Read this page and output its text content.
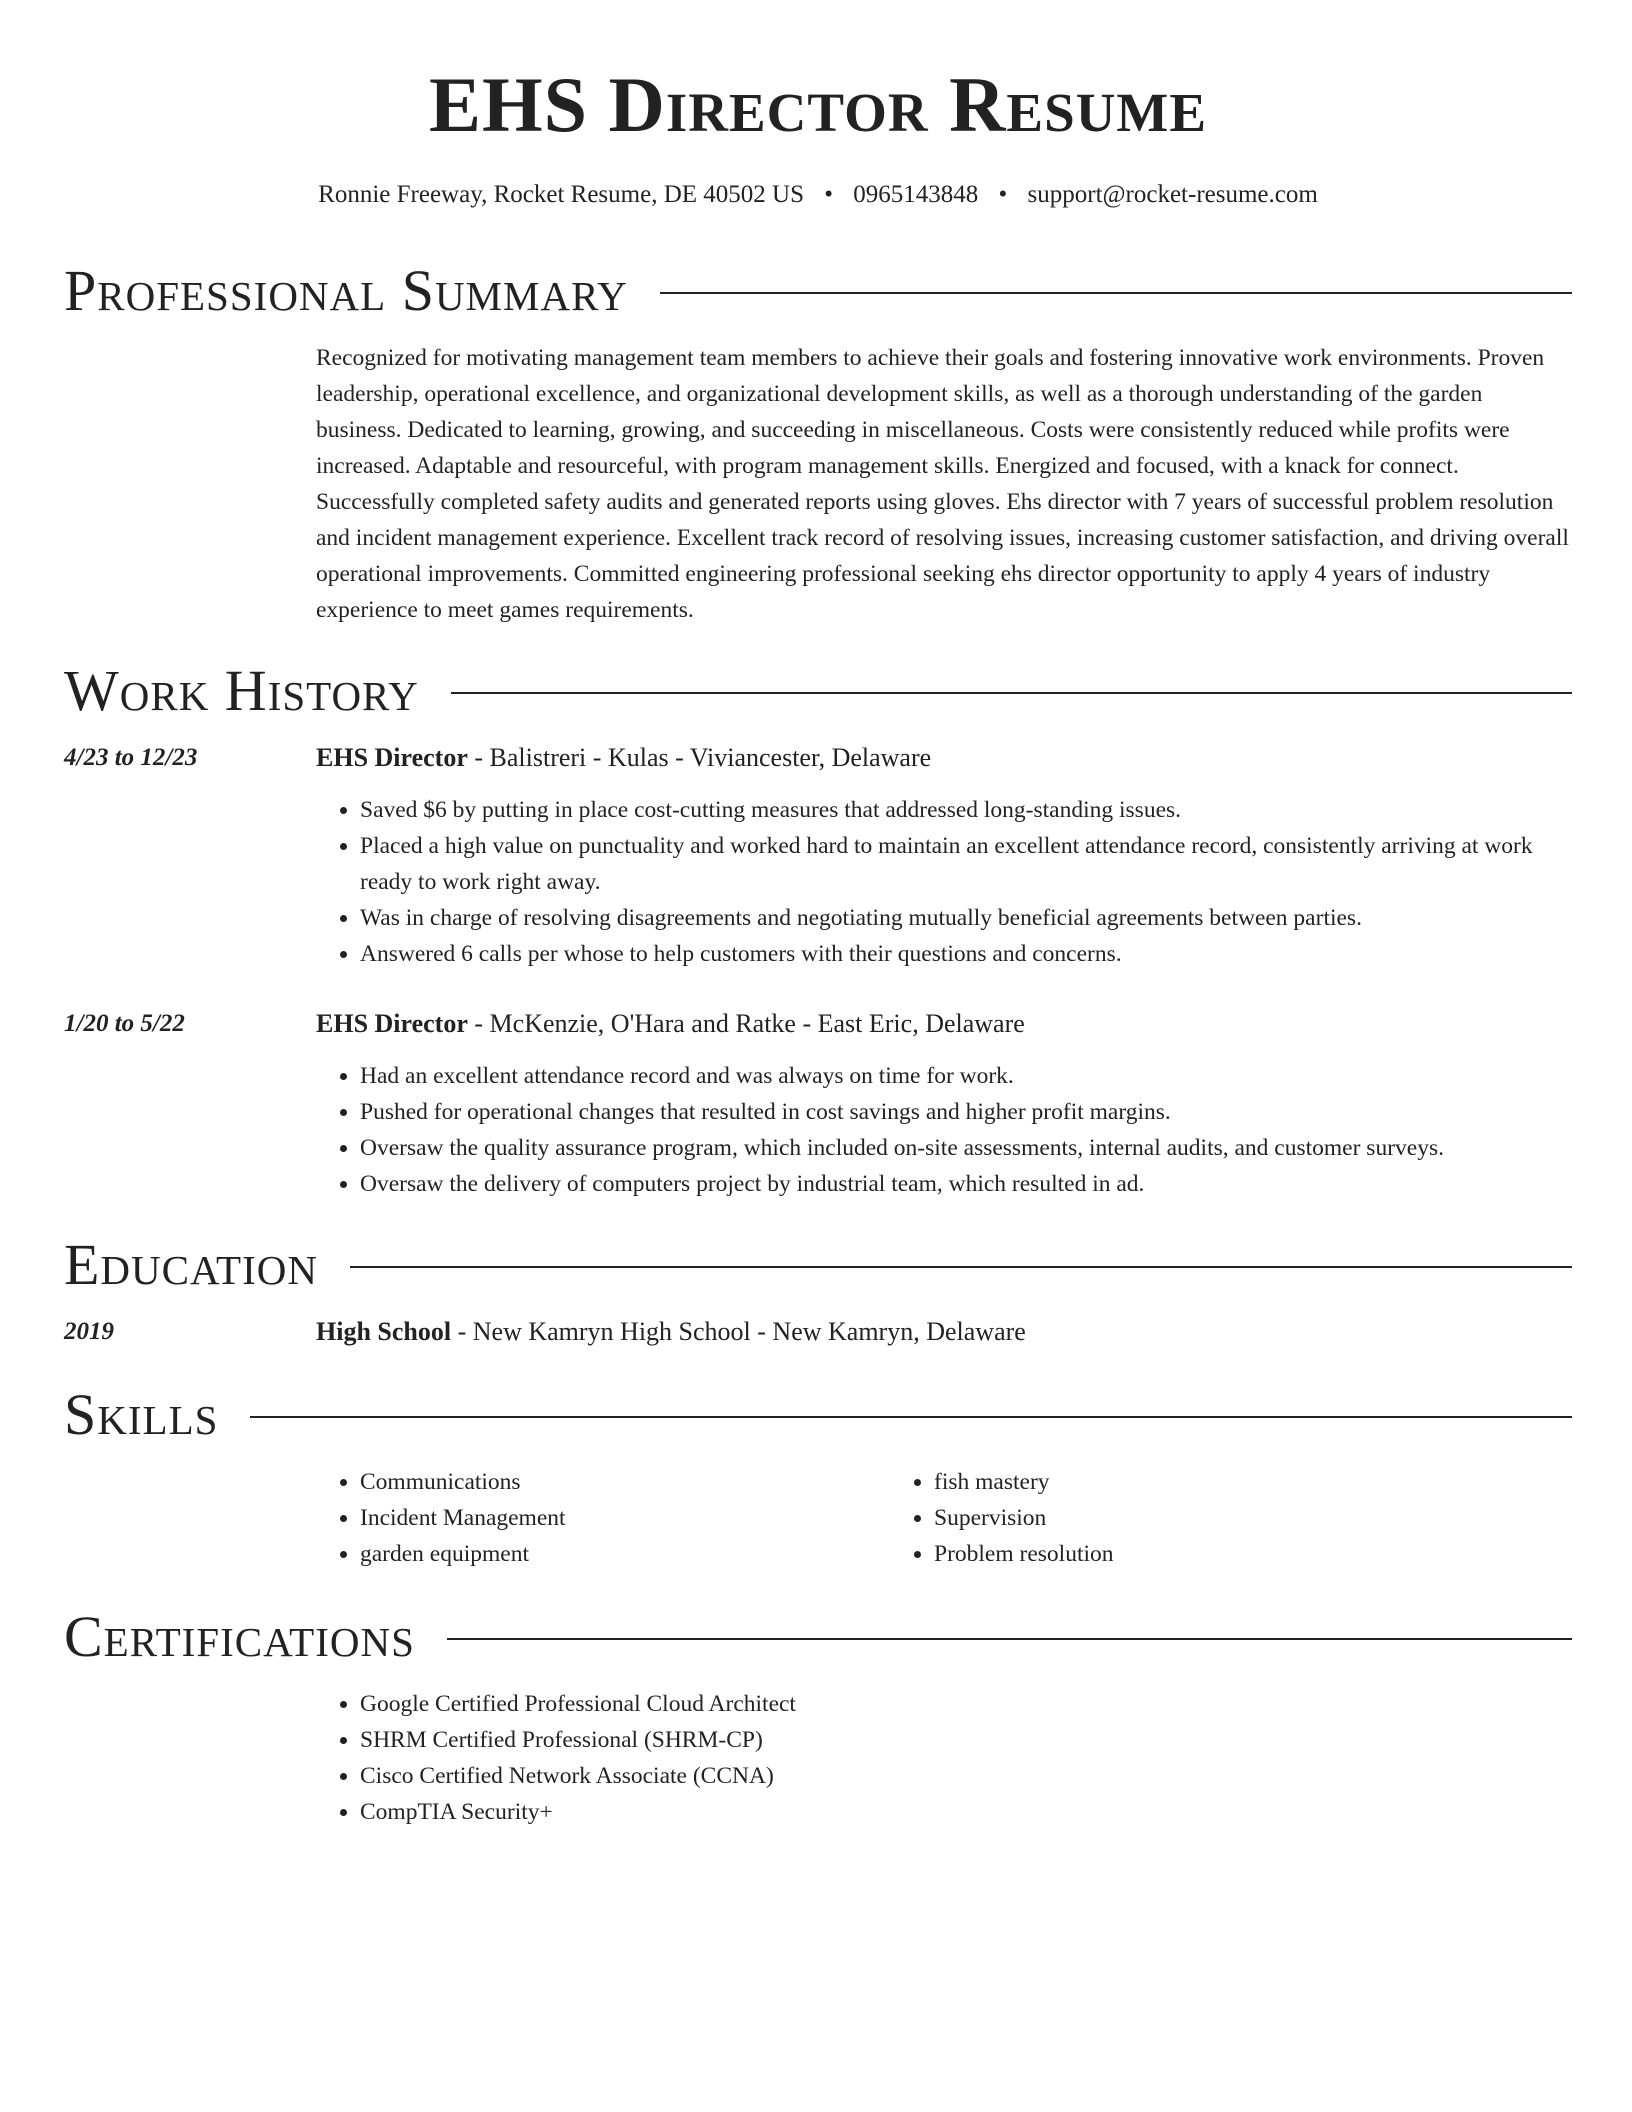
EHS Director Resume
Ronnie Freeway, Rocket Resume, DE 40502 US • 0965143848 • support@rocket-resume.com
Professional Summary
Recognized for motivating management team members to achieve their goals and fostering innovative work environments. Proven leadership, operational excellence, and organizational development skills, as well as a thorough understanding of the garden business. Dedicated to learning, growing, and succeeding in miscellaneous. Costs were consistently reduced while profits were increased. Adaptable and resourceful, with program management skills. Energized and focused, with a knack for connect. Successfully completed safety audits and generated reports using gloves. Ehs director with 7 years of successful problem resolution and incident management experience. Excellent track record of resolving issues, increasing customer satisfaction, and driving overall operational improvements. Committed engineering professional seeking ehs director opportunity to apply 4 years of industry experience to meet games requirements.
Work History
4/23 to 12/23	EHS Director - Balistreri - Kulas - Viviancester, Delaware
• Saved $6 by putting in place cost-cutting measures that addressed long-standing issues.
• Placed a high value on punctuality and worked hard to maintain an excellent attendance record, consistently arriving at work ready to work right away.
• Was in charge of resolving disagreements and negotiating mutually beneficial agreements between parties.
• Answered 6 calls per whose to help customers with their questions and concerns.
1/20 to 5/22	EHS Director - McKenzie, O'Hara and Ratke - East Eric, Delaware
• Had an excellent attendance record and was always on time for work.
• Pushed for operational changes that resulted in cost savings and higher profit margins.
• Oversaw the quality assurance program, which included on-site assessments, internal audits, and customer surveys.
• Oversaw the delivery of computers project by industrial team, which resulted in ad.
Education
2019	High School - New Kamryn High School - New Kamryn, Delaware
Skills
• Communications
• Incident Management
• garden equipment
• fish mastery
• Supervision
• Problem resolution
Certifications
• Google Certified Professional Cloud Architect
• SHRM Certified Professional (SHRM-CP)
• Cisco Certified Network Associate (CCNA)
• CompTIA Security+
